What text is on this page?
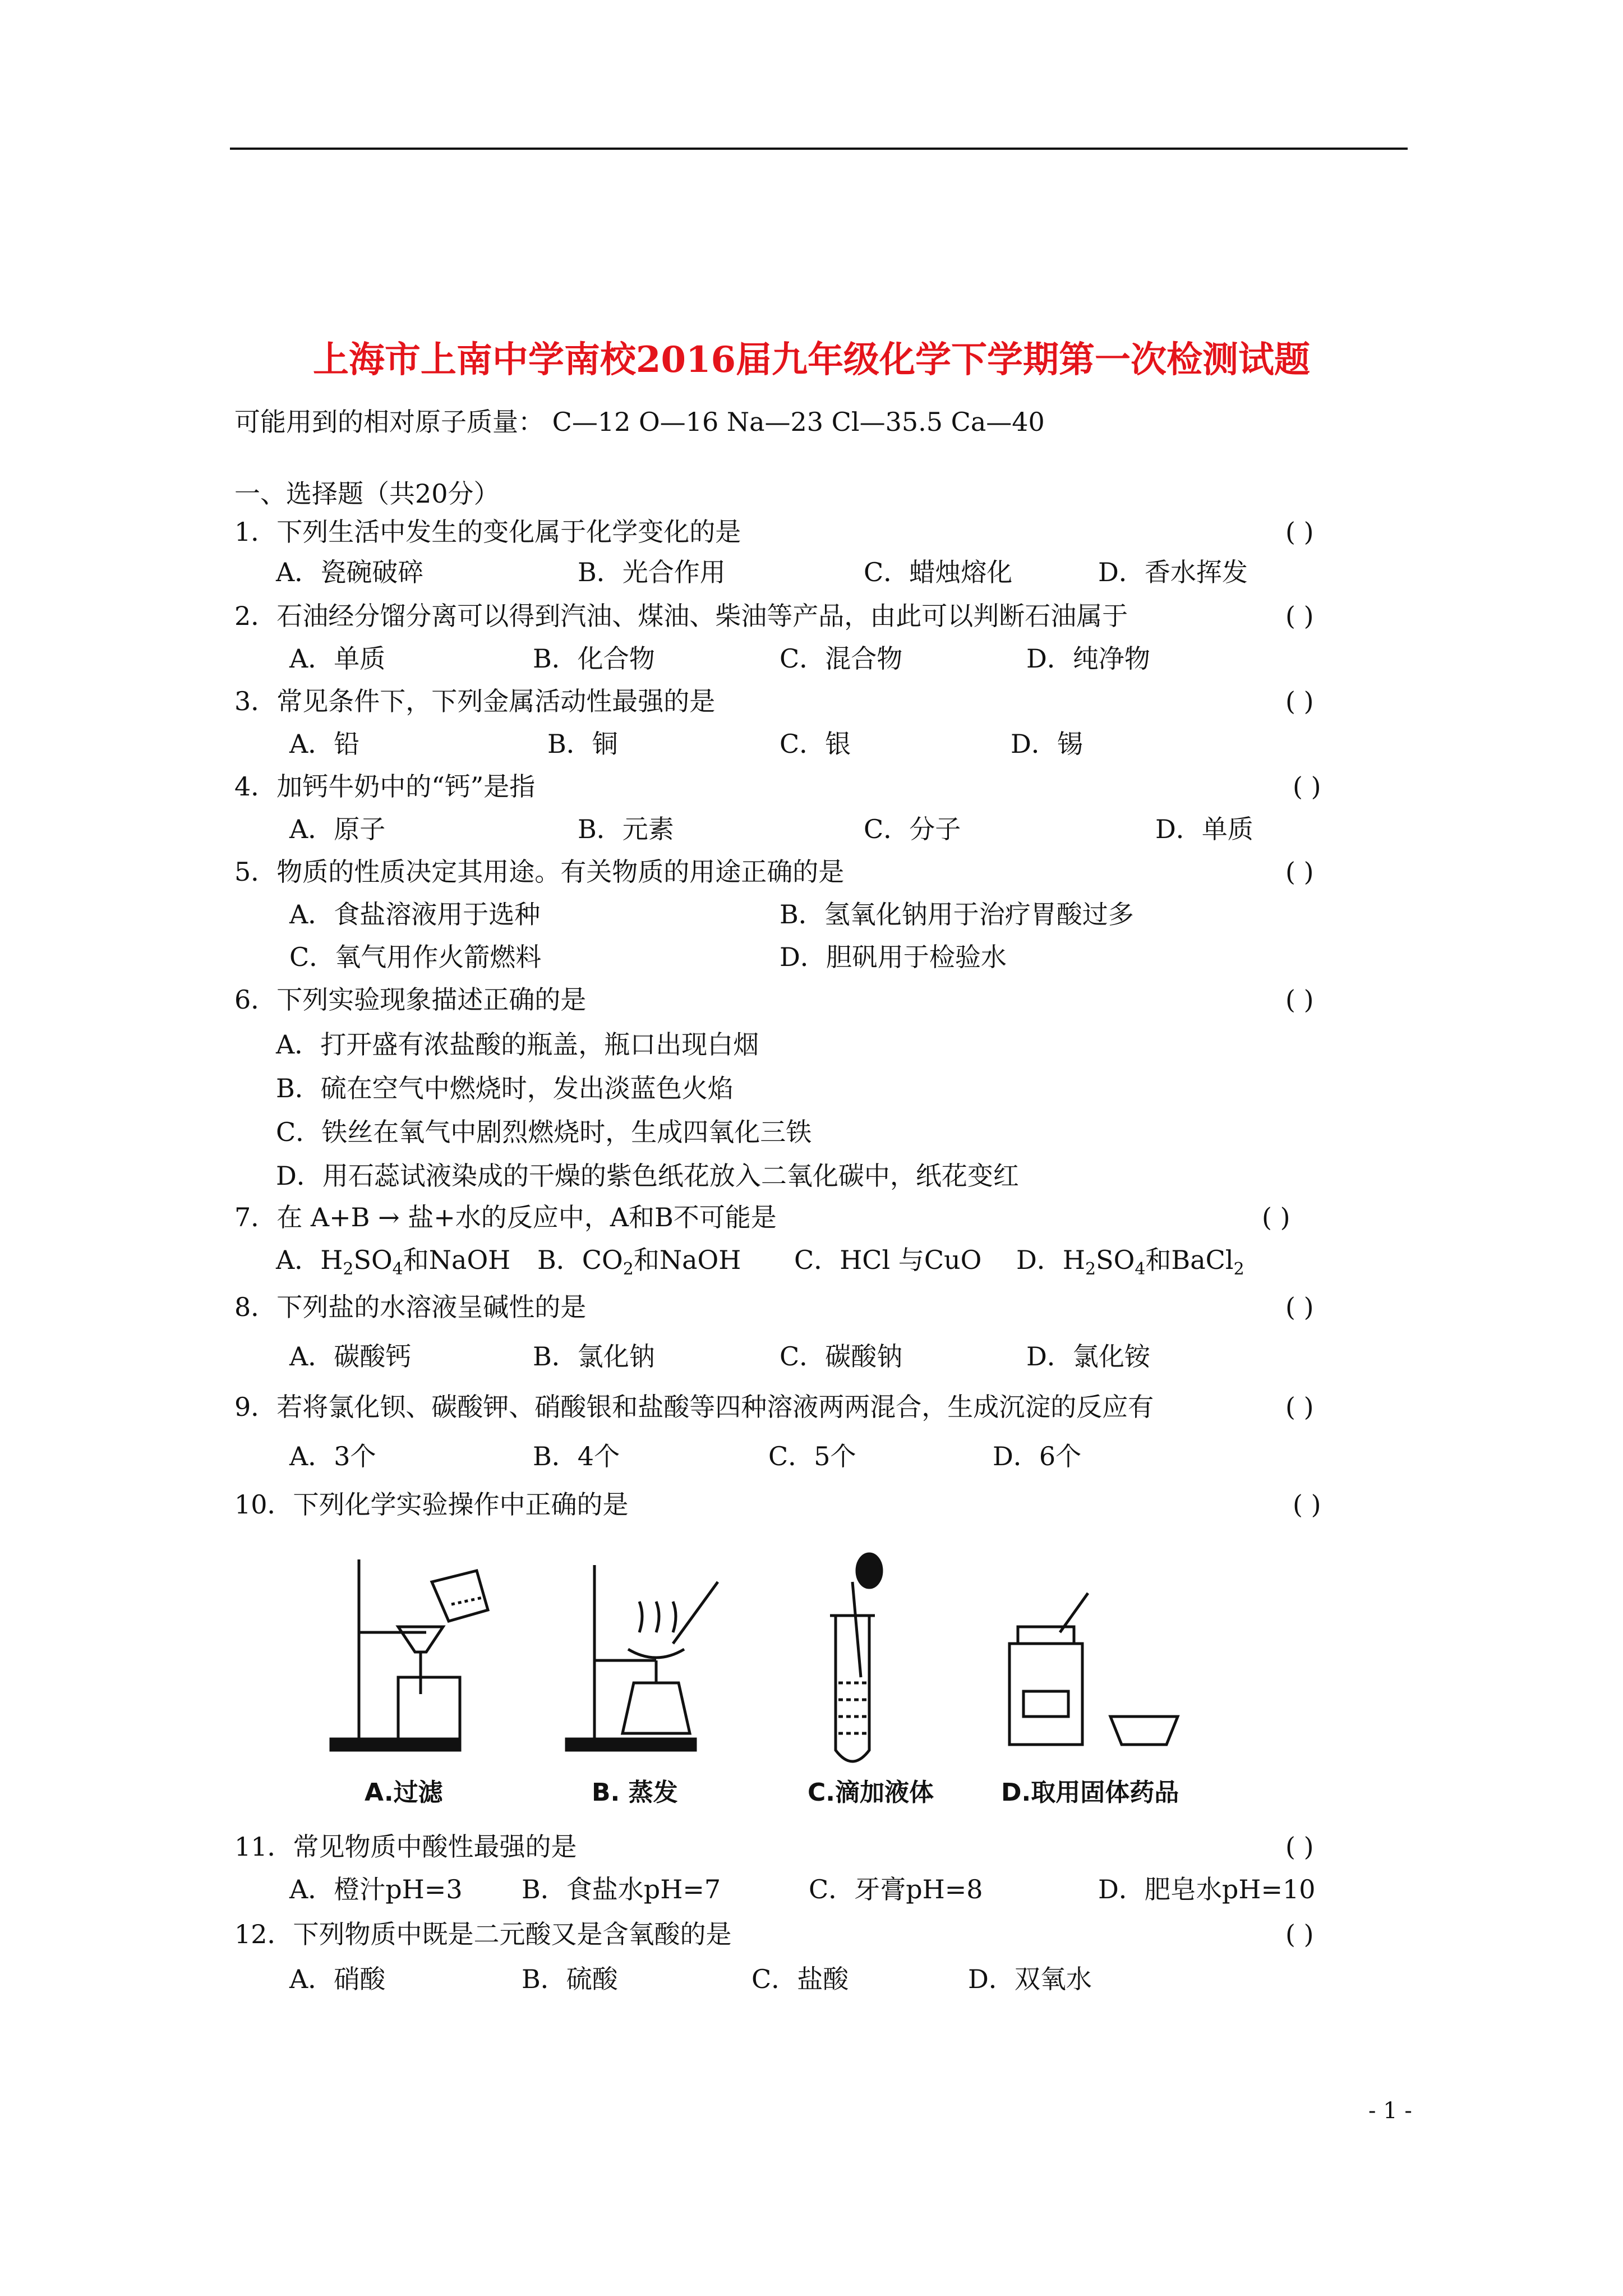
上海市上南中学南校2016届九年级化学下学期第一次检测试题
可能用到的相对原子质量： C—12 O—16 Na—23 Cl—35.5 Ca—40
一、选择题（共20分）
1．下列生活中发生的变化属于化学变化的是	( )
A．瓷碗破碎	B．光合作用	C．蜡烛熔化	D．香水挥发
2．石油经分馏分离可以得到汽油、煤油、柴油等产品，由此可以判断石油属于	( )
A．单质	B．化合物	C．混合物	D．纯净物
3．常见条件下，下列金属活动性最强的是	( )
A．铅	B．铜	C．银	D．锡
4．加钙牛奶中的“钙”是指	( )
A．原子	B．元素	C．分子	D．单质
5．物质的性质决定其用途。有关物质的用途正确的是	( )
A．食盐溶液用于选种	B．氢氧化钠用于治疗胃酸过多
C．氧气用作火箭燃料	D．胆矾用于检验水
6．下列实验现象描述正确的是	( )
A．打开盛有浓盐酸的瓶盖，瓶口出现白烟
B．硫在空气中燃烧时，发出淡蓝色火焰
C．铁丝在氧气中剧烈燃烧时，生成四氧化三铁
D．用石蕊试液染成的干燥的紫色纸花放入二氧化碳中，纸花变红
7．在 A+B → 盐+水的反应中，A和B不可能是	( )
A．$H_2SO_4$和NaOH B．$CO_2$和NaOH C．HCl 与CuO D．$H_2SO_4$和BaCl$_2$
8．下列盐的水溶液呈碱性的是	( )
A．碳酸钙	B．氯化钠	C．碳酸钠	D．氯化铵
9．若将氯化钡、碳酸钾、硝酸银和盐酸等四种溶液两两混合，生成沉淀的反应有	( )
A．3个	B．4个	C．5个	D．6个
10．下列化学实验操作中正确的是	( )
A.过滤	B. 蒸发	C.滴加液体	D.取用固体药品
11．常见物质中酸性最强的是	( )
A．橙汁pH=3 B．食盐水pH=7	C．牙膏pH=8	D．肥皂水pH=10
12．下列物质中既是二元酸又是含氧酸的是	( )
A．硝酸	B．硫酸	C．盐酸	D．双氧水
- 1 -
